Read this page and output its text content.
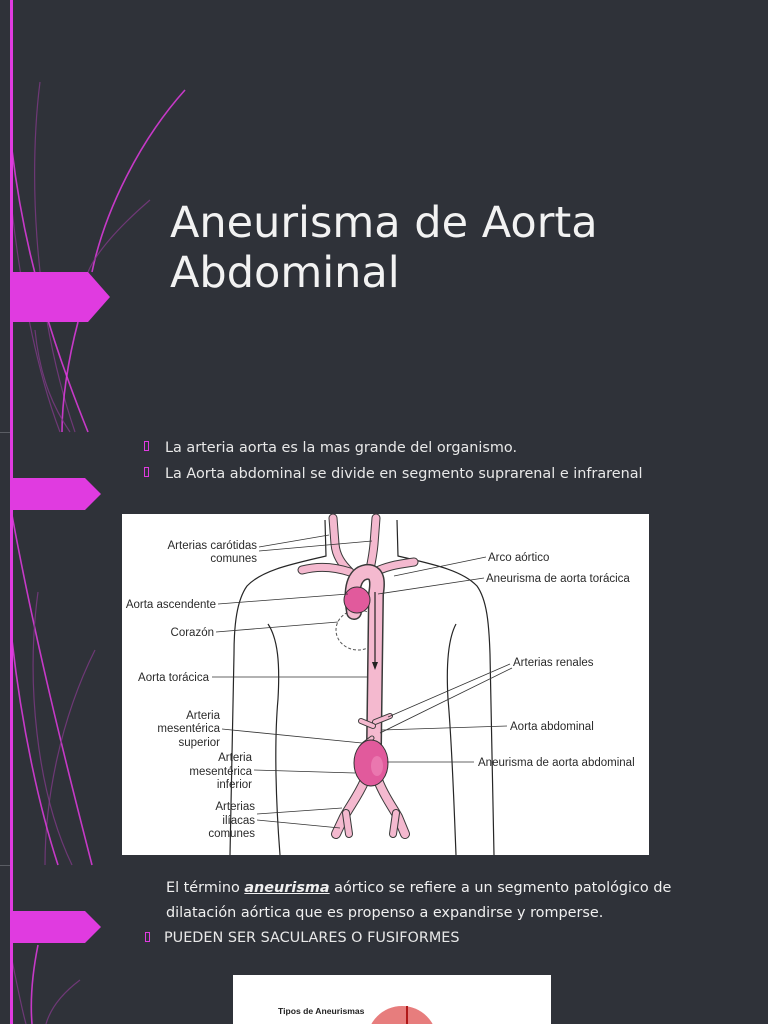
Aneurisma de Aorta
Abdominal
La arteria aorta es la mas grande del organismo.
La Aorta abdominal se divide en segmento suprarenal e infrarenal
Arterias carótidas
comunes
Aorta ascendente
Corazón
Aorta torácica
Arteria
mesentérica
superior
Arteria
mesentérica
inferior
Arterias
ilíacas
comunes
Arco aórtico
Aneurisma de aorta torácica
Arterias renales
Aorta abdominal
Aneurisma de aorta abdominal

El término aneurisma aórtico se refiere a un segmento patológico de dilatación aórtica que es propenso a expandirse y romperse.

PUEDEN SER SACULARES O FUSIFORMES
Tipos de Aneurismas
